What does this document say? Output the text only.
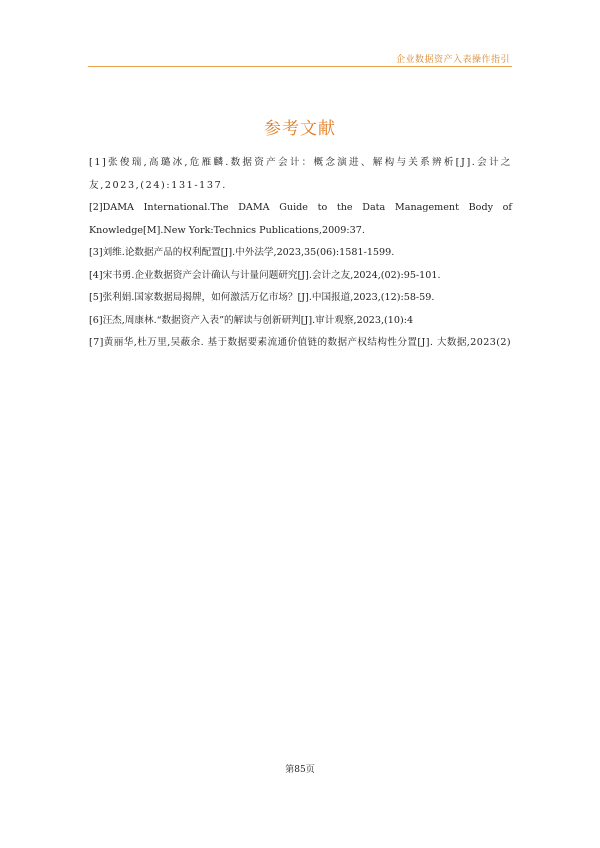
企业数据资产入表操作指引
参考文献
[1]张俊瑞,高璐冰,危雁麟.数据资产会计：概念演进、解构与关系辨析[J].会计之友,2023,(24):131-137.
[2]DAMA International.The DAMA Guide to the Data Management Body of Knowledge[M].New York:Technics Publications,2009:37.
[3]刘维.论数据产品的权利配置[J].中外法学,2023,35(06):1581-1599.
[4]宋书勇.企业数据资产会计确认与计量问题研究[J].会计之友,2024,(02):95-101.
[5]张利娟.国家数据局揭牌，如何激活万亿市场？[J].中国报道,2023,(12):58-59.
[6]汪杰,周康林.“数据资产入表”的解读与创新研判[J].审计观察,2023,(10):4
[7]黄丽华,杜万里,吴蔽余. 基于数据要素流通价值链的数据产权结构性分置[J]. 大数据,2023(2)
第85页
